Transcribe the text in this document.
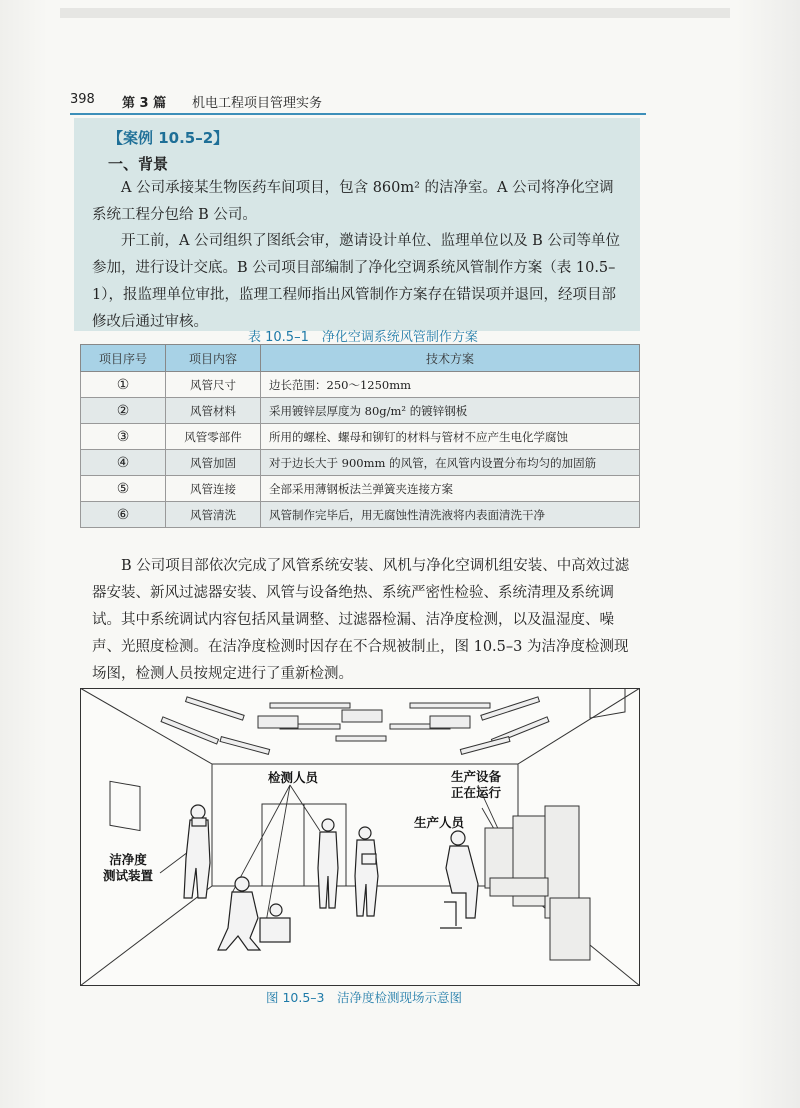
398 第 3 篇 机电工程项目管理实务
【案例 10.5–2】
一、背景

A 公司承接某生物医药车间项目，包含 860m² 的洁净室。A 公司将净化空调系统工程分包给 B 公司。

开工前，A 公司组织了图纸会审，邀请设计单位、监理单位以及 B 公司等单位参加，进行设计交底。B 公司项目部编制了净化空调系统风管制作方案（表 10.5–1），报监理单位审批，监理工程师指出风管制作方案存在错误项并退回，经项目部修改后通过审核。

表 10.5–1　净化空调系统风管制作方案
项目序号	项目内容	技术方案
①	风管尺寸	边长范围：250～1250mm
②	风管材料	采用镀锌层厚度为 80g/m² 的镀锌钢板
③	风管零部件	所用的螺栓、螺母和铆钉的材料与管材不应产生电化学腐蚀
④	风管加固	对于边长大于 900mm 的风管，在风管内设置分布均匀的加固筋
⑤	风管连接	全部采用薄钢板法兰弹簧夹连接方案
⑥	风管清洗	风管制作完毕后，用无腐蚀性清洗液将内表面清洗干净

B 公司项目部依次完成了风管系统安装、风机与净化空调机组安装、中高效过滤器安装、新风过滤器安装、风管与设备绝热、系统严密性检验、系统清理及系统调试。其中系统调试内容包括风量调整、过滤器检漏、洁净度检测，以及温湿度、噪声、光照度检测。在洁净度检测时因存在不合规被制止，图 10.5–3 为洁净度检测现场图，检测人员按规定进行了重新检测。

检测人员
洁净度
测试装置
生产设备
正在运行
生产人员
图 10.5–3　洁净度检测现场示意图
